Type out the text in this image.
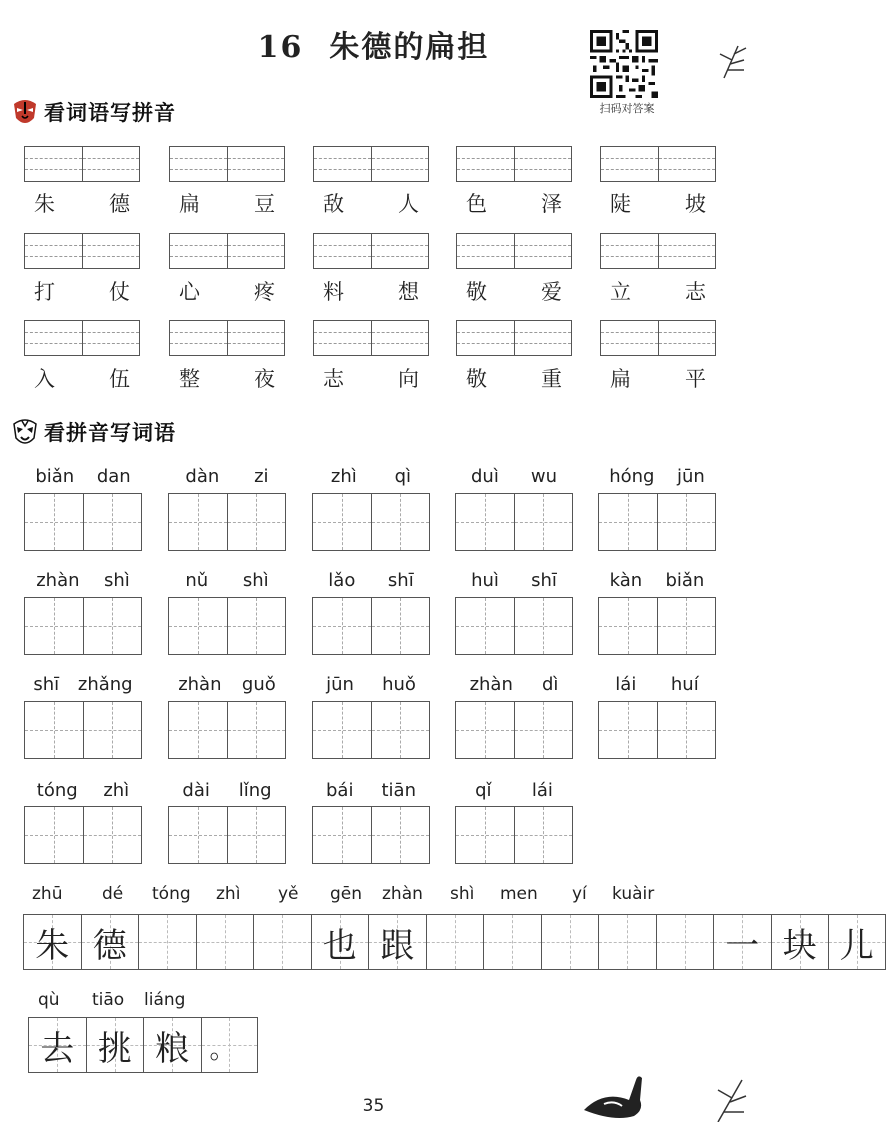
16 朱德的扁担
扫码对答案
看词语写拼音
朱	德 扁	豆 敌	人 色	泽 陡	坡
打	仗 心	疼 料	想 敬	爱 立	志
入	伍 整	夜 志	向 敬	重 扁	平
看拼音写词语
biǎn dan	dàn zi	zhì qì	duì wu	hóng jūn
zhàn shì	nǔ shì	lǎo shī	huì shī	kàn biǎn
shī zhǎng	zhàn guǒ	jūn huǒ	zhàn dì	lái huí
tóng zhì	dài lǐng	bái tiān	qǐ lái
zhū dé tóng zhì yě gēn zhàn shì men yí kuàir
朱 德	也 跟	一 块 儿
qù tiāo liáng
去 挑 粮 。
35
